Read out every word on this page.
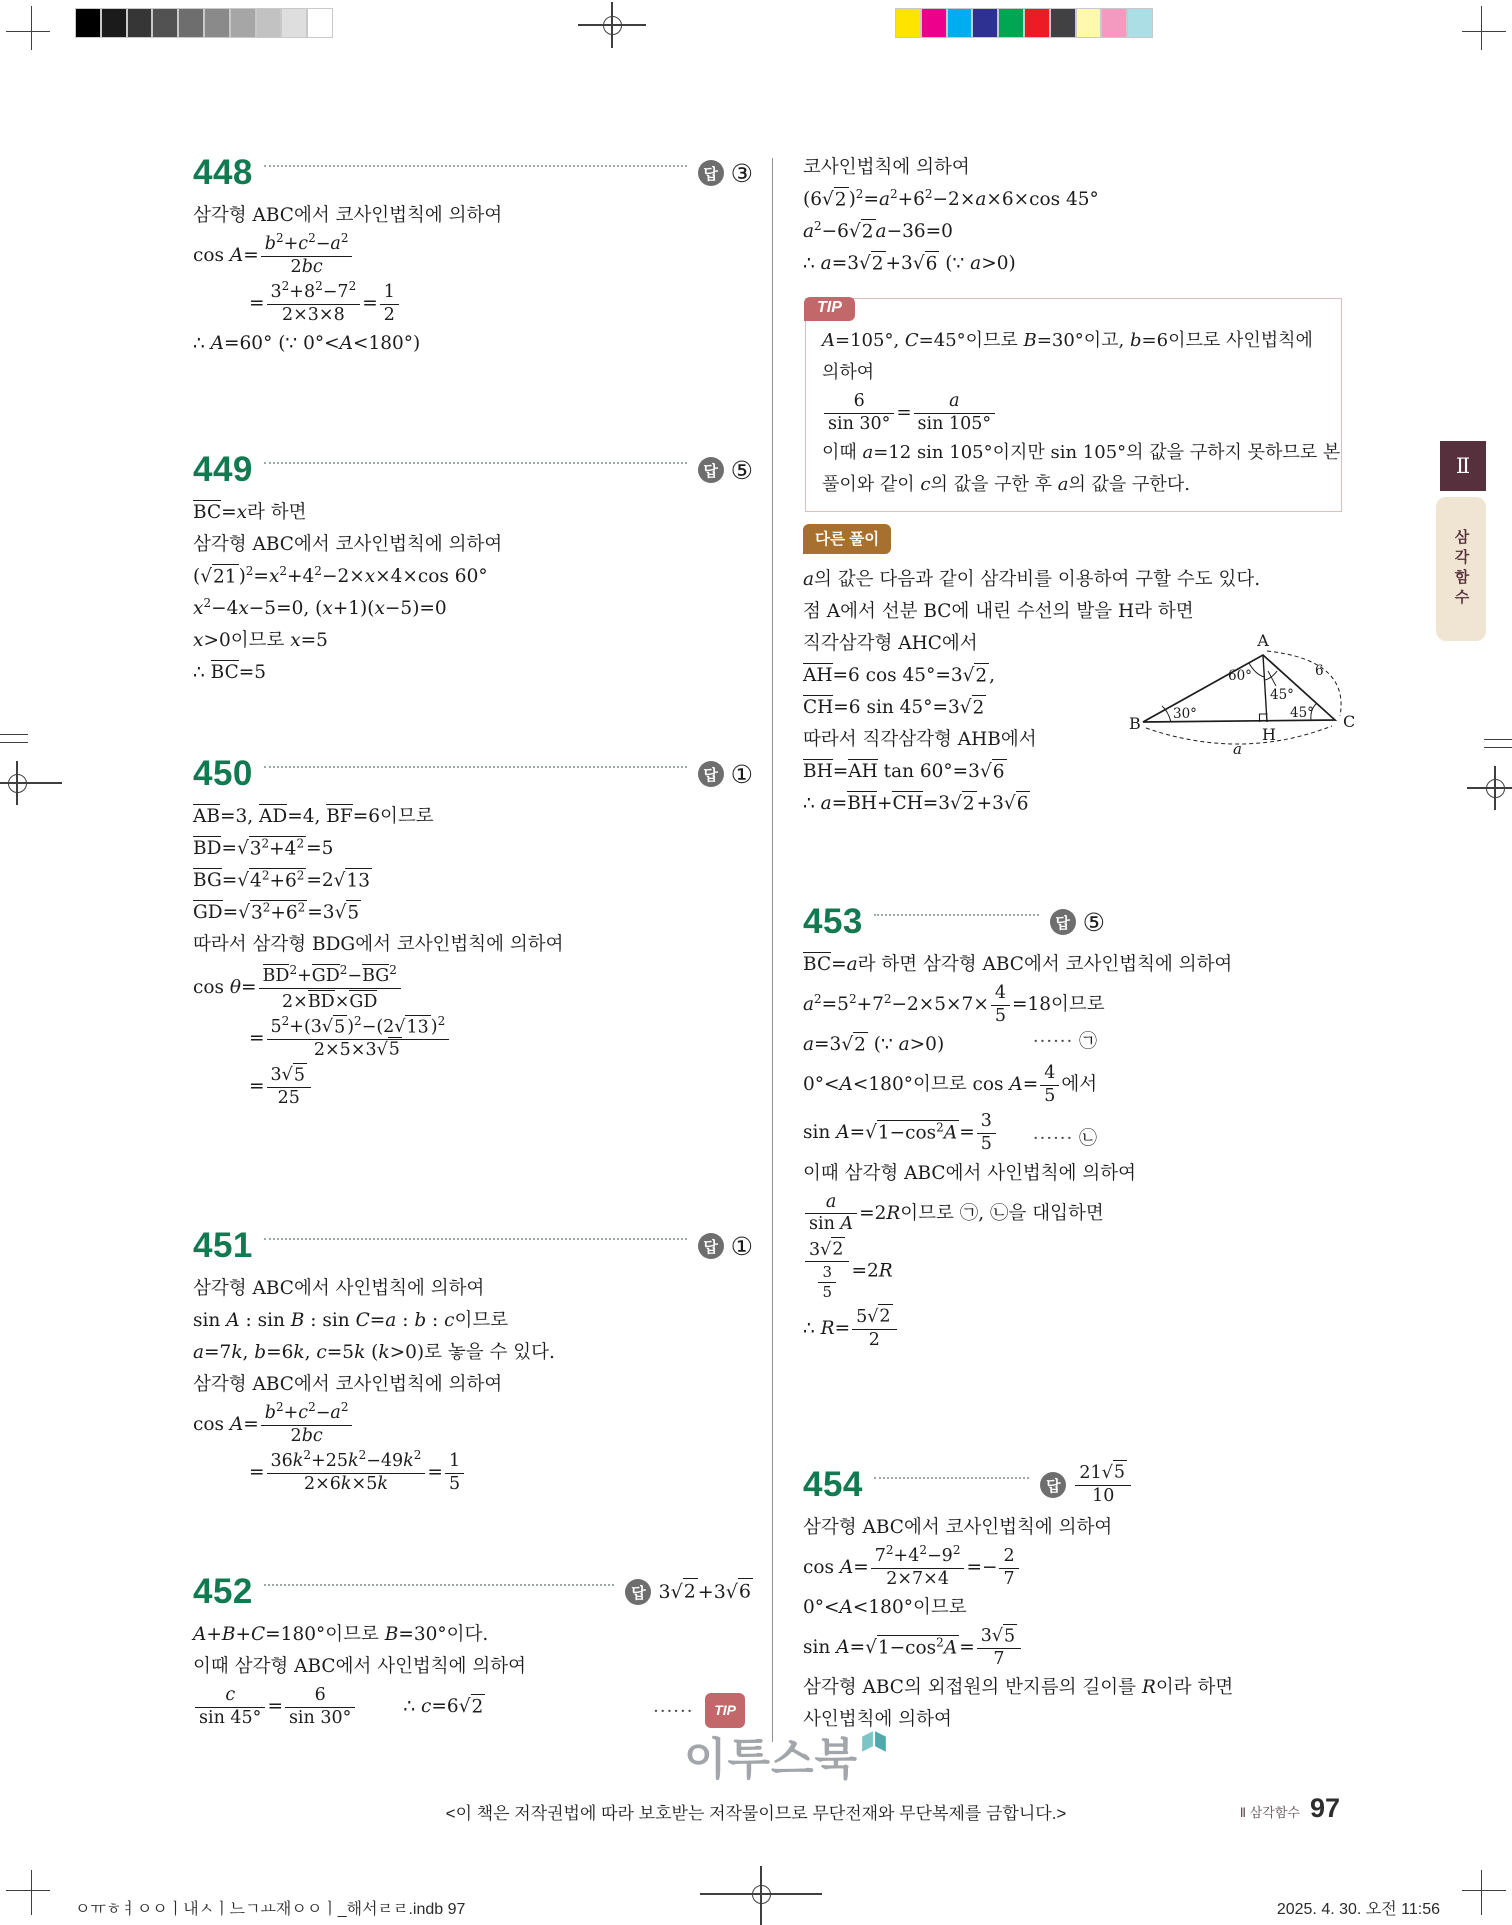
Ⅱ
삼각함수
448	답 ③
삼각형 ABC에서 코사인법칙에 의하여
$\cos A= \frac{b^2+c^2-a^2}{2bc}$
= $\frac{3^2+8^2-7^2}{2\times 3\times 8} = \frac{1}{2}$
∴ A=60° (∵ 0°<A<180°)
449	답 ⑤
BC=x라 하면
삼각형 ABC에서 코사인법칙에 의하여
(√21 )$^2=x^2+4^2-2\times x\times 4\times\cos$ 60°
$x^2-4x-5=0$, (x+1)(x−5)=0
x>0이므로 x=5
∴ BC=5
450	답 ①
AB=3, AD=4, BF=6이므로
$BD=√3^2+4^2 =5$
$BG=√4^2+6^2 =2√13$
$GD=√3^2+6^2 =3√5$
따라서 삼각형 BDG에서 코사인법칙에 의하여
$\cos \theta= \frac{BD^2+GD^2-BG^2}{2\times BD\times GD}$
= $\frac{5^2+(3√5 )^2-(2√13 )^2}{2\times 5\times 3√5}$
= $\frac{3√5}{25}$
451	답 ①
삼각형 ABC에서 사인법칙에 의하여
sin A : sin B : sin C=a : b : c이므로
a=7k, b=6k, c=5k (k>0)로 놓을 수 있다.
삼각형 ABC에서 코사인법칙에 의하여
$\cos A= \frac{b^2+c^2-a^2}{2bc}$
= $\frac{36k^2+25k^2-49k^2}{2\times 6k\times 5k} = \frac{1}{5}$
452	답 3√2 +3√6
A+B+C=180°이므로 B=30°이다.
이때 삼각형 ABC에서 사인법칙에 의하여
$\frac{c}{\sin 45^\circ} = \frac{6}{\sin 30^\circ}$	∴ c=6√2	······ TIP
코사인법칙에 의하여
(6√2 )$^2=a^2+6^2-2\times a\times 6\times\cos$ 45°
$a^2-6√2$ a−36=0
∴ a=3√2 +3√6 (∵ a>0)
TIP
A=105°, C=45°이므로 B=30°이고, b=6이므로 사인법칙에
의하여
$\frac{6}{\sin 30^\circ} = \frac{a}{\sin 105^\circ}$
이때 a=12 sin 105°이지만 sin 105°의 값을 구하지 못하므로 본
풀이와 같이 c의 값을 구한 후 a의 값을 구한다.
다른 풀이
a의 값은 다음과 같이 삼각비를 이용하여 구할 수도 있다.
점 A에서 선분 BC에 내린 수선의 발을 H라 하면
직각삼각형 AHC에서
AH=6 cos 45°=3√2 ,
CH=6 sin 45°=3√2
따라서 직각삼각형 AHB에서
BH=AH tan 60°=3√6
∴ a=BH+CH=3√2 +3√6
A
B	C
H
30°
60°
45°
45°
6
a
453	답 ⑤
BC=a라 하면 삼각형 ABC에서 코사인법칙에 의하여
$a^2=5^2+7^2-2\times 5\times 7\times \frac{4}{5} =18$이므로
a=3√2 (∵ a>0)	······ ㉠
0°<A<180°이므로 $\cos A= \frac{4}{5}$ 에서
$\sin A=√1-\cos^2A = \frac{3}{5}$ ······ ㉡
이때 삼각형 ABC에서 사인법칙에 의하여
$\frac{a}{\text{sin A}} =2R$이므로 ㉠, ㉡을 대입하면
$\frac{3√2}{\frac{3}{5}} =2R$
∴ $R= \frac{5√2}{2}$
454	답 $\frac{21√5}{10}$
삼각형 ABC에서 코사인법칙에 의하여
$\cos A= \frac{7^2+4^2-9^2}{2\times 7\times 4} =- \frac{2}{7}$
0°<A<180°이므로
$\sin A=√1-\cos^2A = \frac{3√5}{7}$
삼각형 ABC의 외접원의 반지름의 길이를 R이라 하면
사인법칙에 의하여
이투스북
<이 책은 저작권법에 따라 보호받는 저작물이므로 무단전재와 무단복제를 금합니다.>	Ⅱ 삼각함수 97
ㅇㅠㅎㅕㅇㅇㅣ내ㅅㅣ느ㄱㅛ재ㅇㅇㅣ_해서ㄹㄹ.indb 97	2025. 4. 30. 오전 11:56
